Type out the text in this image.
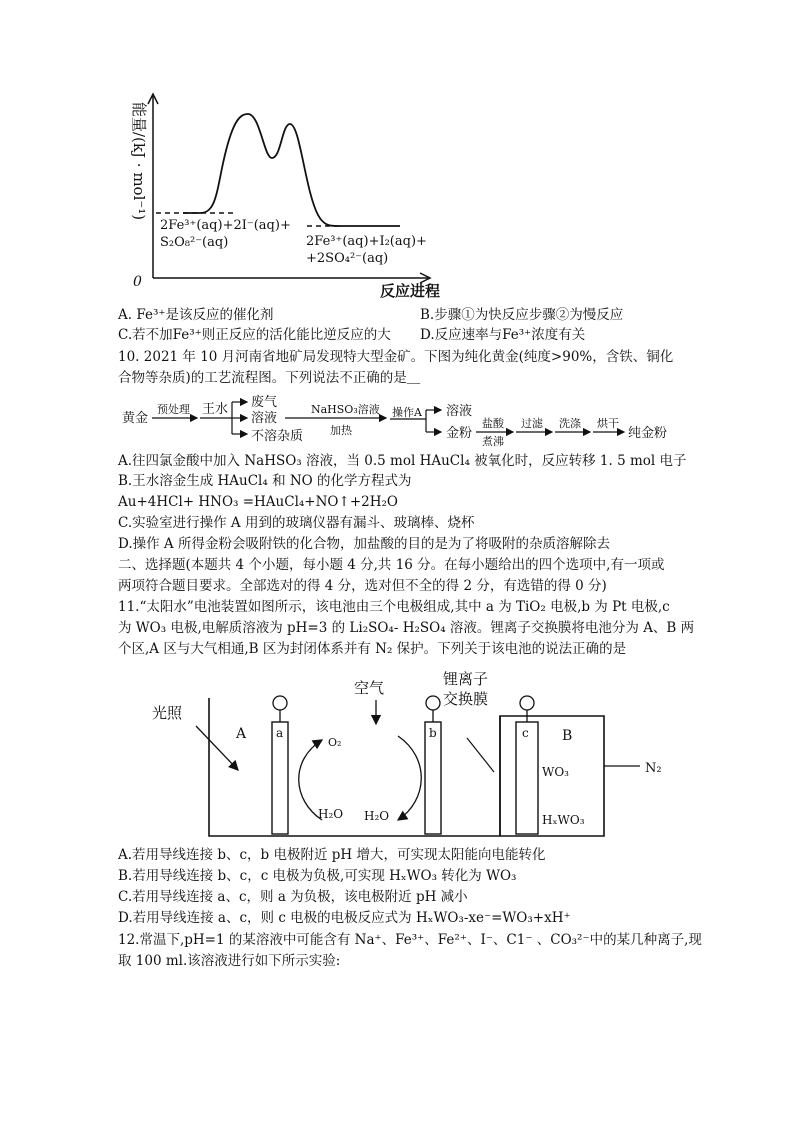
0
能量/(kJ · mol⁻¹)
反应进程
2Fe³⁺(aq)+2I⁻(aq)+
S₂O₈²⁻(aq)	2Fe³⁺(aq)+I₂(aq)+
+2SO₄²⁻(aq)
A. Fe³⁺是该反应的催化剂	B.步骤①为快反应步骤②为慢反应
C.若不加Fe³⁺则正反应的活化能比逆反应的大 D.反应速率与Fe³⁺浓度有关
10. 2021 年 10 月河南省地矿局发现特大型金矿。下图为纯化黄金(纯度>90%，含铁、铜化
合物等杂质)的工艺流程图。下列说法不正确的是＿
黄金
预处理 王水 废气
溶液
不溶杂质
NaHSO₃溶液
加热
操作A 溶液
金粉
盐酸
煮沸
过滤 洗涤 烘干
纯金粉
A.往四氯金酸中加入 NaHSO₃ 溶液，当 0.5 mol HAuCl₄ 被氧化时，反应转移 1. 5 mol 电子
B.王水溶金生成 HAuCl₄ 和 NO 的化学方程式为
Au+4HCl+ HNO₃ =HAuCl₄+NO↑+2H₂O
C.实验室进行操作 A 用到的玻璃仪器有漏斗、玻璃棒、烧杯
D.操作 A 所得金粉会吸附铁的化合物，加盐酸的目的是为了将吸附的杂质溶解除去
二、选择题(本题共 4 个小题，每小题 4 分,共 16 分。在每小题给出的四个选项中,有一项或
两项符合题目要求。全部选对的得 4 分，选对但不全的得 2 分，有选错的得 0 分)
11.“太阳水”电池装置如图所示，该电池由三个电极组成,其中 a 为 TiO₂ 电极,b 为 Pt 电极,c
为 WO₃ 电极,电解质溶液为 pH=3 的 Li₂SO₄- H₂SO₄ 溶液。锂离子交换膜将电池分为 A、B 两
个区,A 区与大气相通,B 区为封闭体系并有 N₂ 保护。下列关于该电池的说法正确的是
光照
A a	b	c
空气	锂离子
交换膜
B
O₂
H₂O H₂O
WO₃
HₓWO₃
N₂
A.若用导线连接 b、c，b 电极附近 pH 增大，可实现太阳能向电能转化
B.若用导线连接 b、c，c 电极为负极,可实现 HₓWO₃ 转化为 WO₃
C.若用导线连接 a、c，则 a 为负极，该电极附近 pH 减小
D.若用导线连接 a、c，则 c 电极的电极反应式为 HₓWO₃-xe⁻=WO₃+xH⁺
12.常温下,pH=1 的某溶液中可能含有 Na⁺、Fe³⁺、Fe²⁺、I⁻、C1⁻ 、CO₃²⁻中的某几种离子,现
取 100 ml.该溶液进行如下所示实验:
